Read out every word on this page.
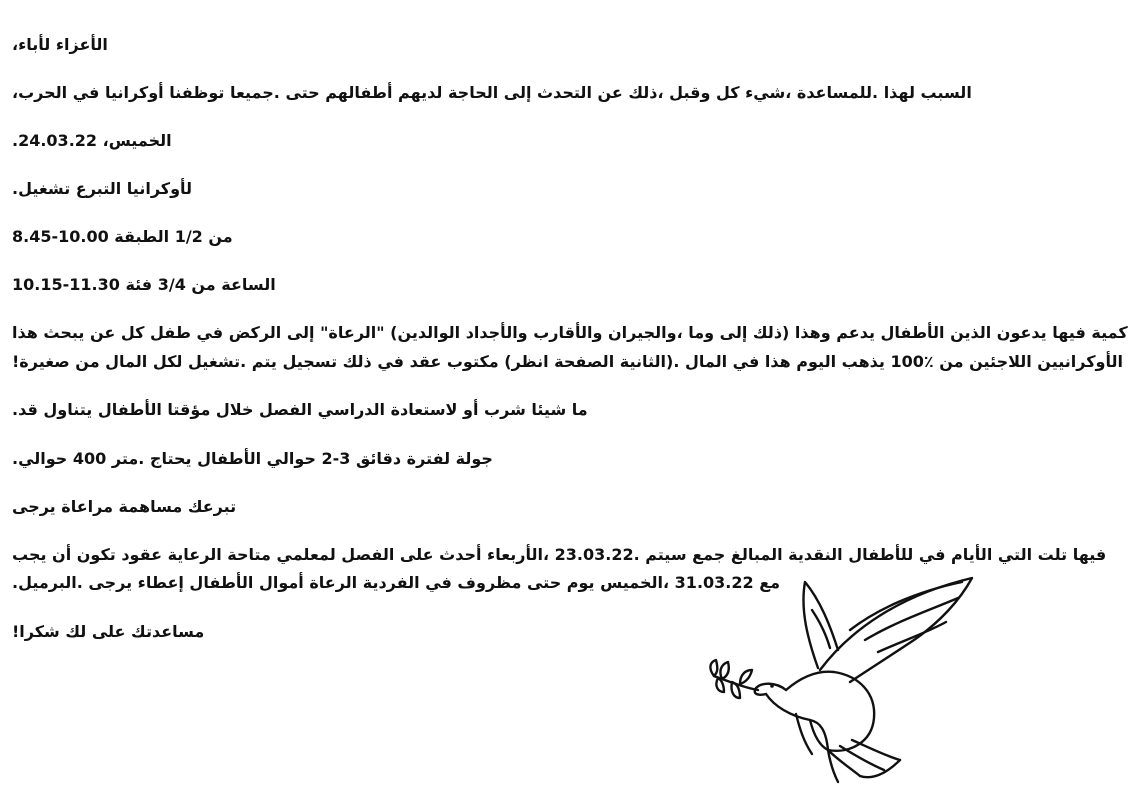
،الأعزاء لأباء
،السبب لهذا .للمساعدة ،شيء كل وقبل ،ذلك عن التحدث إلى الحاجة لديهم أطفالهم حتى .جميعا توظفنا أوكرانيا في الحرب
.24.03.22 ،الخميس
.لأوكرانيا التبرع تشغيل
8.45-10.00 من 1/2 الطبقة
10.15-11.30 الساعة من 3/4 فئة
كمية فيها يدعون الذين الأطفال يدعم وهذا (ذلك إلى وما ،والجيران والأقارب والأجداد الوالدين) "الرعاة" إلى الركض في طفل كل عن يبحث هذا
!الأوكرانيين اللاجئين من ٪100 يذهب اليوم هذا في المال .(الثانية الصفحة انظر) مكتوب عقد في ذلك تسجيل يتم .تشغيل لكل المال من صغيرة
.ما شيئا شرب أو لاستعادة الدراسي الفصل خلال مؤقتا الأطفال يتناول قد
.جولة لفترة دقائق 3-2 حوالي الأطفال يحتاج .متر 400 حوالي
تبرعك مساهمة مراعاة يرجى
فيها تلت التي الأيام في للأطفال النقدية المبالغ جمع سيتم .23.03.22 ،الأربعاء أحدث على الفصل لمعلمي متاحة الرعاية عقود تكون أن يجب
.مع 31.03.22 ،الخميس يوم حتى مظروف في الفردية الرعاة أموال الأطفال إعطاء يرجى .البرميل
!مساعدتك على لك شكرا
